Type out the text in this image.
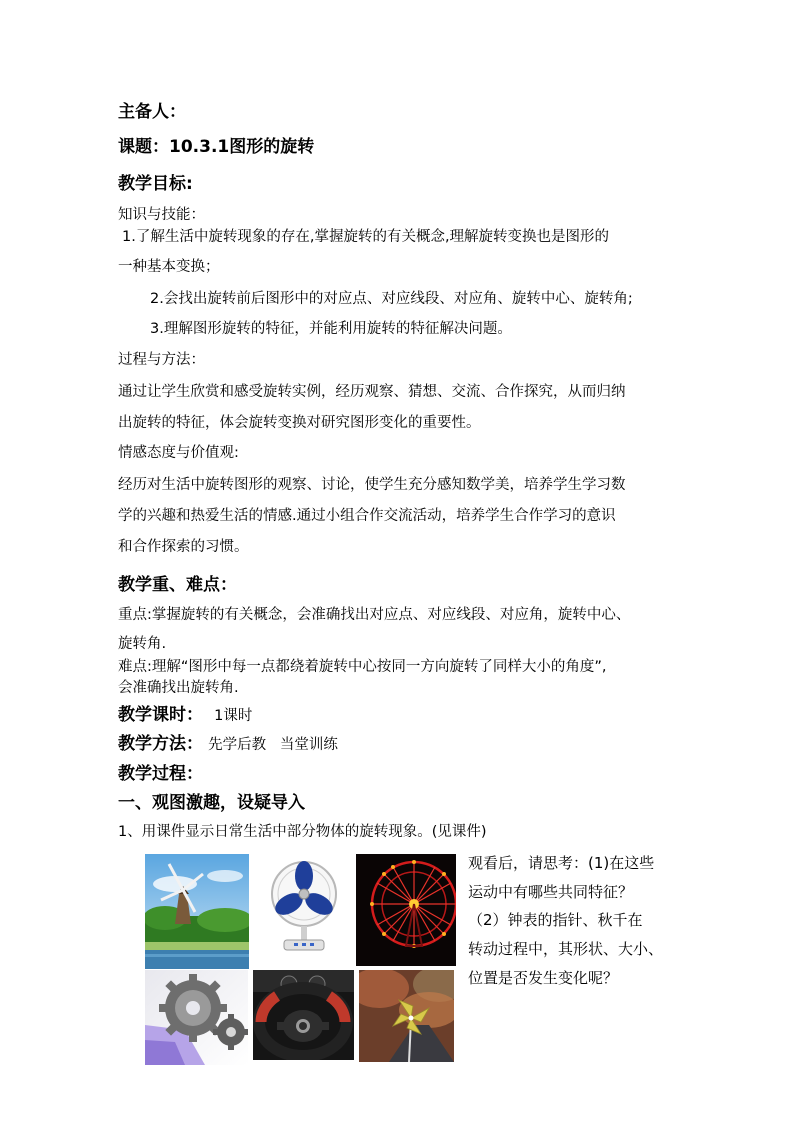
主备人：
课题：10.3.1图形的旋转
教学目标:
知识与技能：
1.了解生活中旋转现象的存在,掌握旋转的有关概念,理解旋转变换也是图形的
一种基本变换；
2.会找出旋转前后图形中的对应点、对应线段、对应角、旋转中心、旋转角;
3.理解图形旋转的特征，并能利用旋转的特征解决问题。
过程与方法：
通过让学生欣赏和感受旋转实例，经历观察、猜想、交流、合作探究，从而归纳
出旋转的特征，体会旋转变换对研究图形变化的重要性。
情感态度与价值观:
经历对生活中旋转图形的观察、讨论，使学生充分感知数学美，培养学生学习数
学的兴趣和热爱生活的情感.通过小组合作交流活动，培养学生合作学习的意识
和合作探索的习惯。
教学重、难点：
重点:掌握旋转的有关概念，会准确找出对应点、对应线段、对应角，旋转中心、
旋转角.
难点:理解“图形中每一点都绕着旋转中心按同一方向旋转了同样大小的角度”,
会准确找出旋转角.
教学课时： 1课时
教学方法： 先学后教   当堂训练
教学过程：
一、观图激趣，设疑导入
1、用课件显示日常生活中部分物体的旋转现象。(见课件)
观看后，请思考：(1)在这些
运动中有哪些共同特征？
（2）钟表的指针、秋千在
转动过程中，其形状、大小、
位置是否发生变化呢？
